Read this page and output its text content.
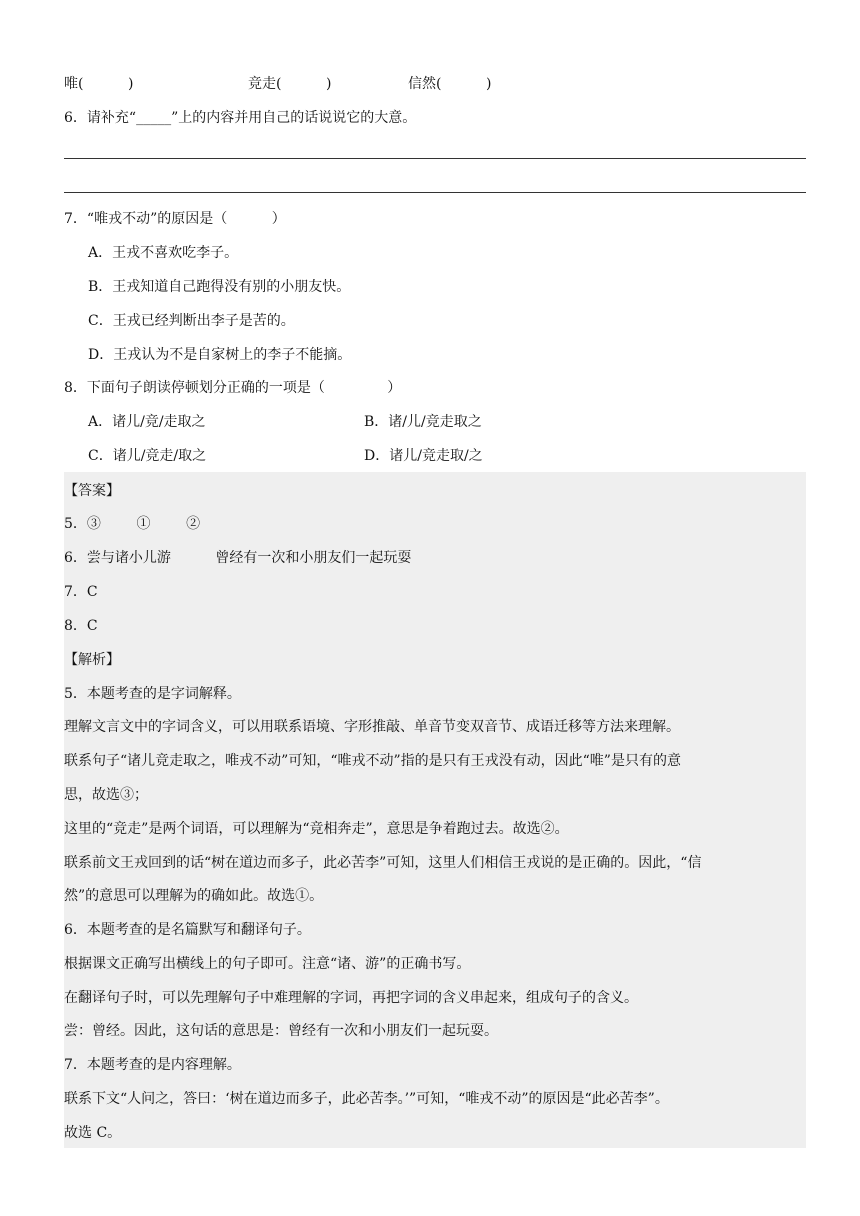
唯(          )	竞走(          )	信然(          )
6．请补充“_____”上的内容并用自己的话说说它的大意。
7．“唯戎不动”的原因是（          ）
A．王戎不喜欢吃李子。
B．王戎知道自己跑得没有别的小朋友快。
C．王戎已经判断出李子是苦的。
D．王戎认为不是自家树上的李子不能摘。
8．下面句子朗读停顿划分正确的一项是（              ）
A．诸儿/竞/走取之	B．诸/儿/竞走取之
C．诸儿/竞走/取之	D．诸儿/竞走取/之
【答案】
5．③        ①        ②
6．尝与诸小儿游          曾经有一次和小朋友们一起玩耍
7．C
8．C
【解析】
5．本题考查的是字词解释。
理解文言文中的字词含义，可以用联系语境、字形推敲、单音节变双音节、成语迁移等方法来理解。
联系句子“诸儿竞走取之，唯戎不动”可知，“唯戎不动”指的是只有王戎没有动，因此“唯”是只有的意
思，故选③；
这里的“竞走”是两个词语，可以理解为“竞相奔走”，意思是争着跑过去。故选②。
联系前文王戎回到的话“树在道边而多子，此必苦李”可知，这里人们相信王戎说的是正确的。因此，“信
然”的意思可以理解为的确如此。故选①。
6．本题考查的是名篇默写和翻译句子。
根据课文正确写出横线上的句子即可。注意“诸、游”的正确书写。
在翻译句子时，可以先理解句子中难理解的字词，再把字词的含义串起来，组成句子的含义。
尝：曾经。因此，这句话的意思是：曾经有一次和小朋友们一起玩耍。
7．本题考查的是内容理解。
联系下文“人问之，答曰：‘树在道边而多子，此必苦李。’”可知，“唯戎不动”的原因是“此必苦李”。
故选 C。
